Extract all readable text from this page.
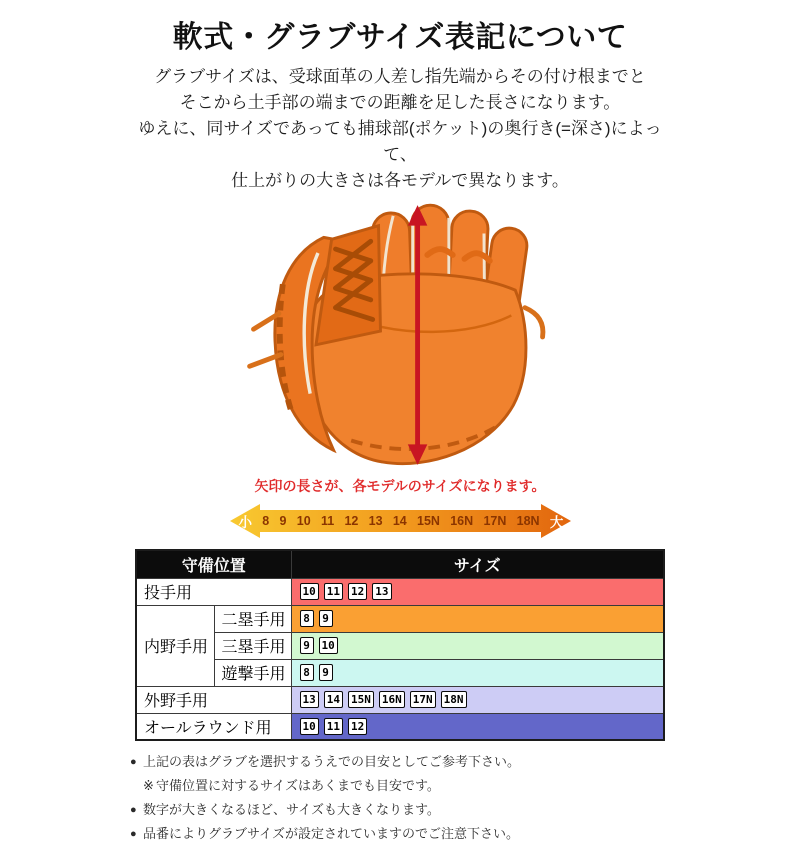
軟式・グラブサイズ表記について
グラブサイズは、受球面革の人差し指先端からその付け根までと
そこから土手部の端までの距離を足した長さになります。
ゆえに、同サイズであっても捕球部(ポケット)の奥行き(=深さ)によって、
仕上がりの大きさは各モデルで異なります。
矢印の長さが、各モデルのサイズになります。
小 8 9 10 11 12 13 14 15N 16N 17N 18N 大
守備位置		サイズ
投手用		10 11 12 13
内野手用	二塁手用	8 9
	三塁手用	9 10
	遊撃手用	8 9
外野手用		13 14 15N 16N 17N 18N
オールラウンド用		10 11 12
● 上記の表はグラブを選択するうえでの目安としてご参考下さい。
※ 守備位置に対するサイズはあくまでも目安です。
● 数字が大きくなるほど、サイズも大きくなります。
● 品番によりグラブサイズが設定されていますのでご注意下さい。
